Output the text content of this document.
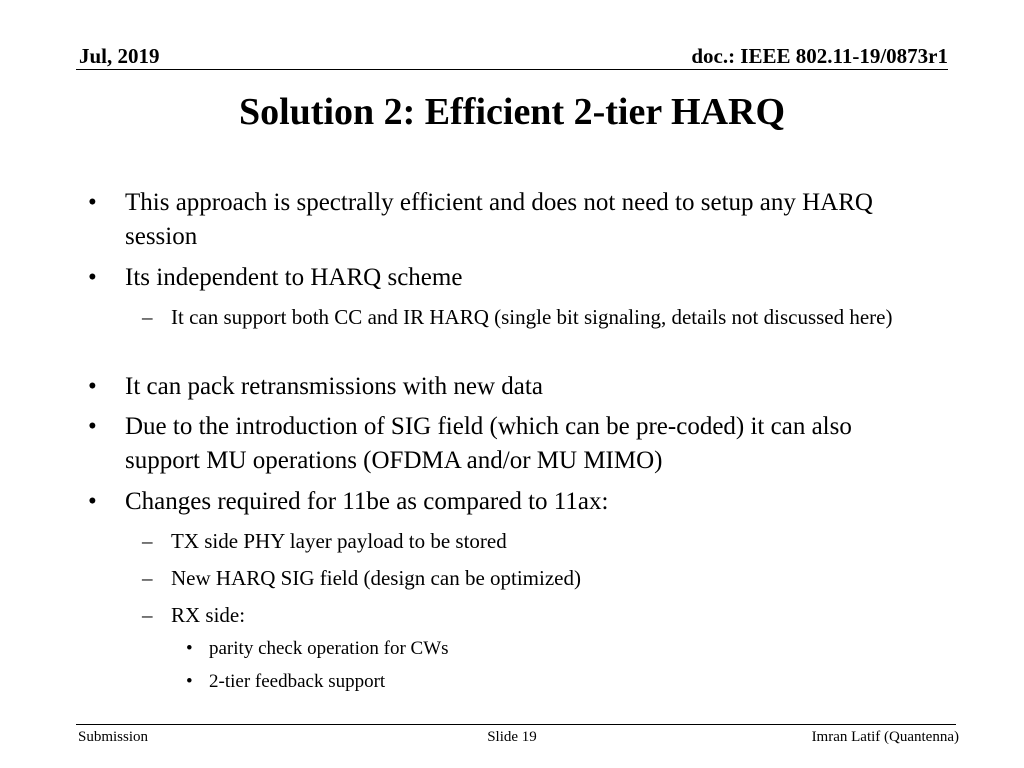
Jul, 2019	doc.: IEEE 802.11-19/0873r1
Solution 2: Efficient 2-tier HARQ
• This approach is spectrally efficient and does not need to setup any HARQ session
• Its independent to HARQ scheme
– It can support both CC and IR HARQ (single bit signaling, details not discussed here)
• It can pack retransmissions with new data
• Due to the introduction of SIG field (which can be pre-coded) it can also support MU operations (OFDMA and/or MU MIMO)
• Changes required for 11be as compared to 11ax:
– TX side PHY layer payload to be stored
– New HARQ SIG field (design can be optimized)
– RX side:
• parity check operation for CWs
• 2-tier feedback support
Submission	Slide 19	Imran Latif (Quantenna)
